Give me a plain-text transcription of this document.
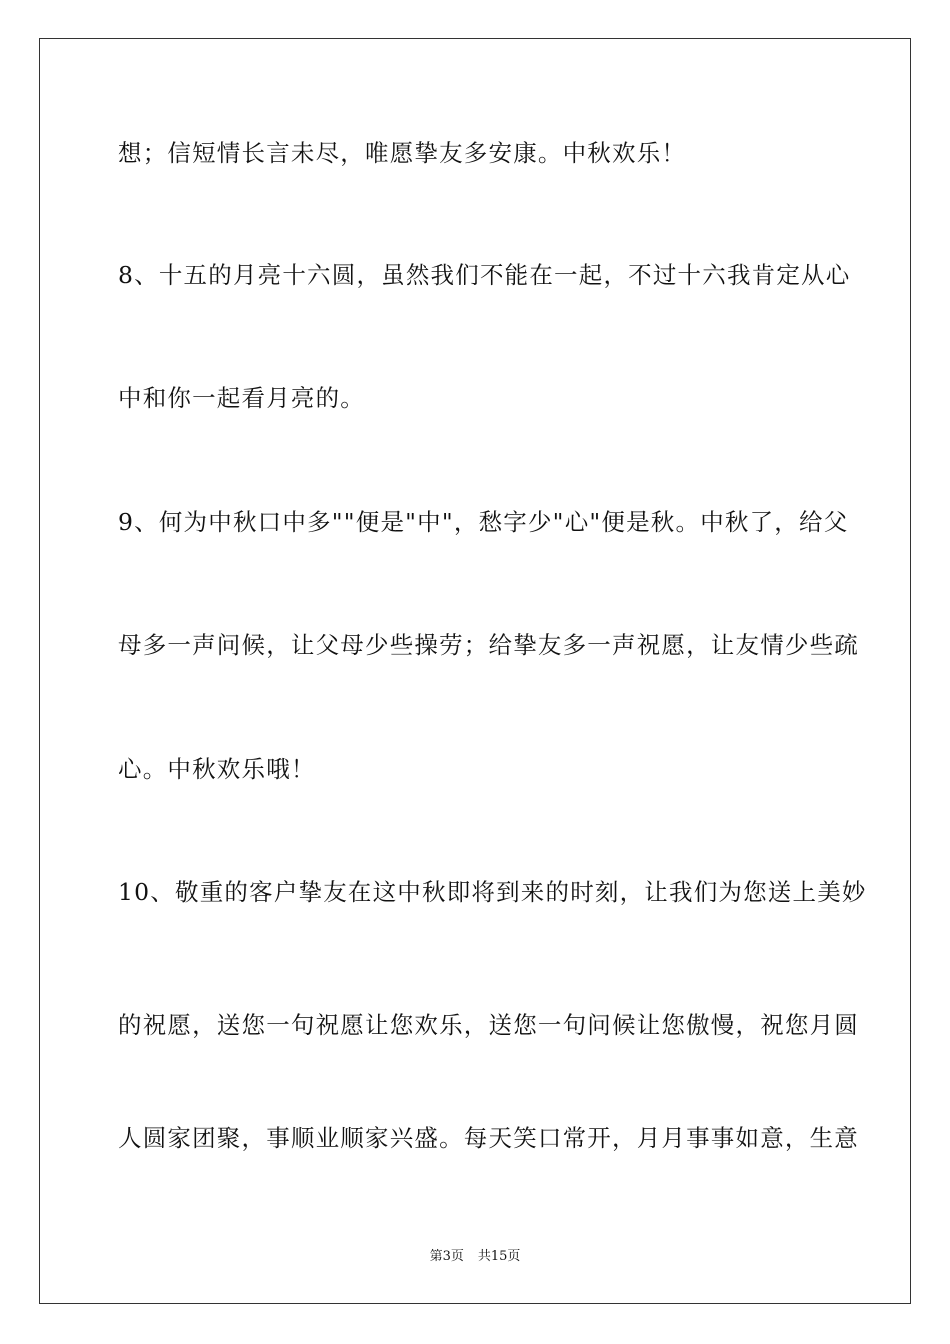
想；信短情长言未尽，唯愿挚友多安康。中秋欢乐！
8、十五的月亮十六圆，虽然我们不能在一起，不过十六我肯定从心
中和你一起看月亮的。
9、何为中秋口中多""便是"中"，愁字少"心"便是秋。中秋了，给父
母多一声问候，让父母少些操劳；给挚友多一声祝愿，让友情少些疏
心。中秋欢乐哦！
10、敬重的客户挚友在这中秋即将到来的时刻，让我们为您送上美妙
的祝愿，送您一句祝愿让您欢乐，送您一句问候让您傲慢，祝您月圆
人圆家团聚，事顺业顺家兴盛。每天笑口常开，月月事事如意，生意
第3页 共15页
